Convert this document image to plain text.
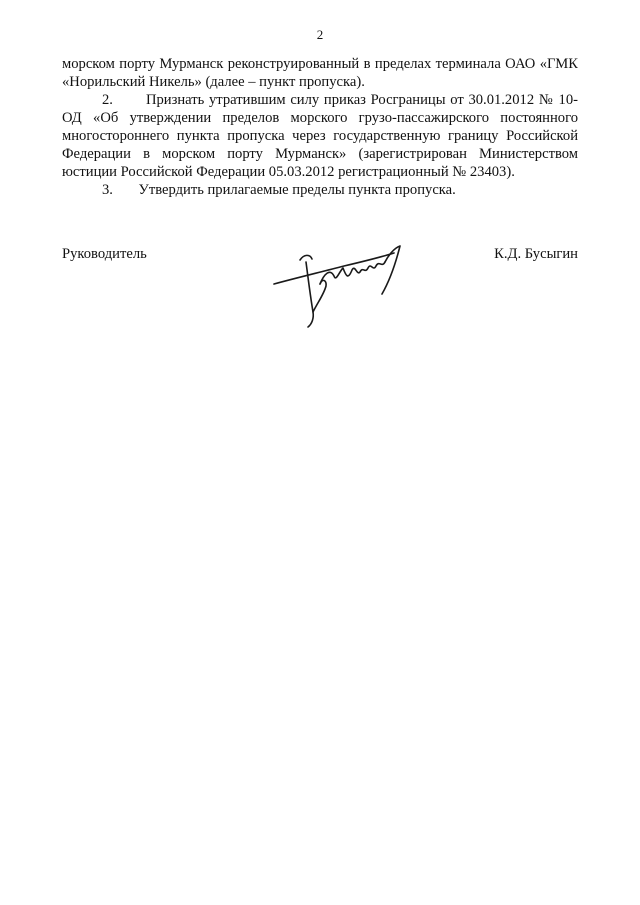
2

морском порту Мурманск реконструированный в пределах терминала ОАО «ГМК «Норильский Никель» (далее – пункт пропуска).

2.       Признать утратившим силу приказ Росграницы от 30.01.2012 № 10-ОД «Об утверждении пределов морского грузо-пассажирского постоянного многостороннего пункта пропуска через государственную границу Российской Федерации в морском порту Мурманск» (зарегистрирован Министерством юстиции Российской Федерации 05.03.2012 регистрационный № 23403).

3.       Утвердить прилагаемые пределы пункта пропуска.

Руководитель	К.Д. Бусыгин
